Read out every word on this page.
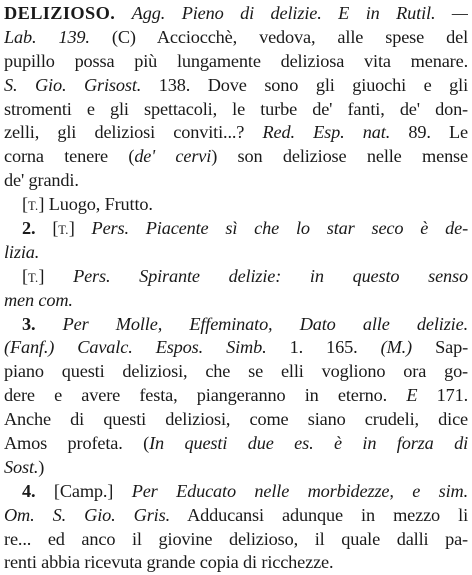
DELIZIOSO. Agg. Pieno di delizie. E in Rutil. —
Lab. 139. (C) Acciocchè, vedova, alle spese del
pupillo possa più lungamente deliziosa vita menare.
S. Gio. Grisost. 138. Dove sono gli giuochi e gli
stromenti e gli spettacoli, le turbe de' fanti, de' don-
zelli, gli deliziosi conviti...? Red. Esp. nat. 89. Le
corna tenere (de' cervi) son deliziose nelle mense
de' grandi.
[T.] Luogo, Frutto.
2. [T.] Pers. Piacente sì che lo star seco è de-
lizia.
[T.] Pers. Spirante delizie: in questo senso
men com.
3. Per Molle, Effeminato, Dato alle delizie.
(Fanf.) Cavalc. Espos. Simb. 1. 165. (M.) Sap-
piano questi deliziosi, che se elli vogliono ora go-
dere e avere festa, piangeranno in eterno. E 171.
Anche di questi deliziosi, come siano crudeli, dice
Amos profeta. (In questi due es. è in forza di
Sost.)
4. [Camp.] Per Educato nelle morbidezze, e sim.
Om. S. Gio. Gris. Adducansi adunque in mezzo li
re... ed anco il giovine delizioso, il quale dalli pa-
renti abbia ricevuta grande copia di ricchezze.
